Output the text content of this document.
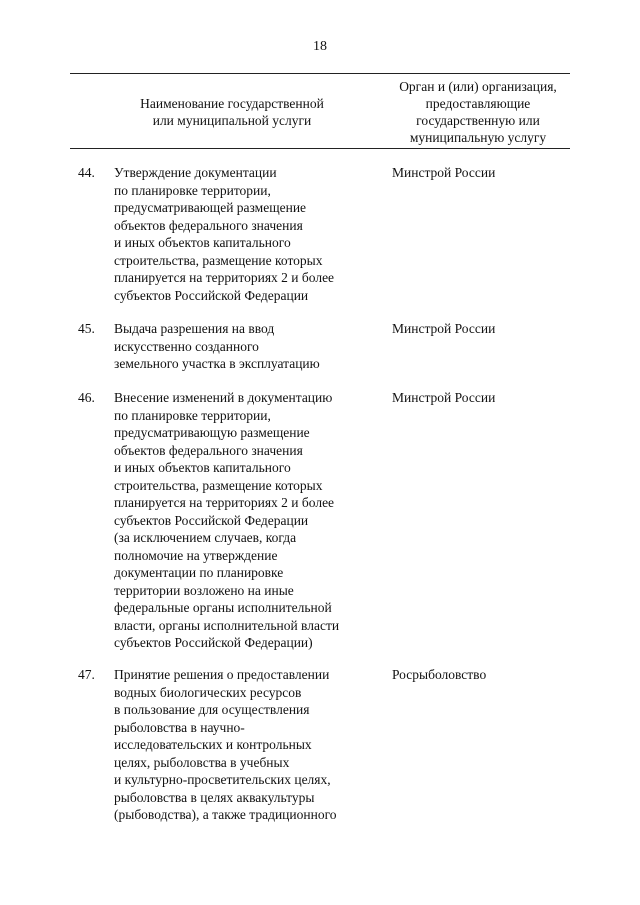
18
Наименование государственной
или муниципальной услуги
Орган и (или) организация,
предоставляющие
государственную или
муниципальную услугу
44. Утверждение документации
по планировке территории,
предусматривающей размещение
объектов федерального значения
и иных объектов капитального
строительства, размещение которых
планируется на территориях 2 и более
субъектов Российской Федерации
Минстрой России
45. Выдача разрешения на ввод
искусственно созданного
земельного участка в эксплуатацию
Минстрой России
46. Внесение изменений в документацию
по планировке территории,
предусматривающую размещение
объектов федерального значения
и иных объектов капитального
строительства, размещение которых
планируется на территориях 2 и более
субъектов Российской Федерации
(за исключением случаев, когда
полномочие на утверждение
документации по планировке
территории возложено на иные
федеральные органы исполнительной
власти, органы исполнительной власти
субъектов Российской Федерации)
Минстрой России
47. Принятие решения о предоставлении
водных биологических ресурсов
в пользование для осуществления
рыболовства в научно-
исследовательских и контрольных
целях, рыболовства в учебных
и культурно-просветительских целях,
рыболовства в целях аквакультуры
(рыбоводства), а также традиционного
Росрыболовство
